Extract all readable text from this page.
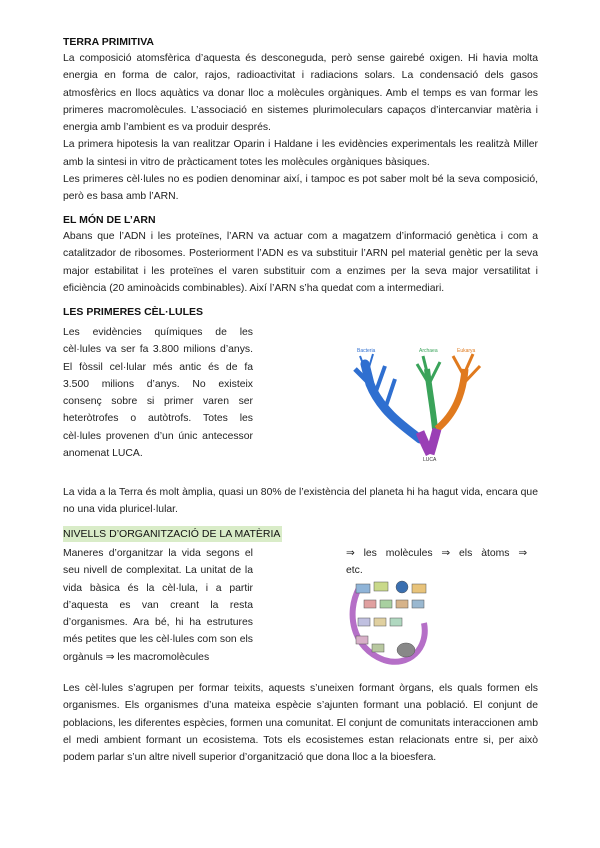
TERRA PRIMITIVA

La composició atomsfèrica d’aquesta és desconeguda, però sense gairebé oxigen. Hi havia molta energia en forma de calor, rajos, radioactivitat i radiacions solars. La condensació dels gasos atmosfèrics en llocs aquàtics va donar lloc a molècules orgàniques. Amb el temps es van formar les primeres macromolècules. L’associació en sistemes plurimoleculars capaços d’intercanviar matèria i energia amb l’ambient es va produir després.

La primera hipotesis la van realitzar Oparin i Haldane i les evidències experimentals les realitzà Miller amb la sintesi in vitro de pràcticament totes les molècules orgàniques bàsiques.

Les primeres cèl·lules no es podien denominar així, i tampoc es pot saber molt bé la seva composició, però es basa amb l’ARN.

EL MÓN DE L’ARN

Abans que l’ADN i les proteïnes, l’ARN va actuar com a magatzem d’informació genètica i com a catalitzador de ribosomes. Posteriorment l’ADN es va substituir l’ARN pel material genètic per la seva major estabilitat i les proteïnes el varen substituir com a enzimes per la seva major versatilitat i eficiència (20 aminoàcids combinables). Així l’ARN s’ha quedat com a intermediari.

LES PRIMERES CÈL·LULES

Les evidències químiques de les cèl·lules va ser fa 3.800 milions d’anys. El fòssil cel·lular més antic és de fa 3.500 milions d’anys. No existeix consenç sobre si primer varen ser heteròtrofes o autòtrofs. Totes les cèl·lules provenen d’un únic antecessor anomenat LUCA.

Bacteria	Archaea	Eukarya
LUCA

La vida a la Terra és molt àmplia, quasi un 80% de l’existència del planeta hi ha hagut vida, encara que no una vida pluricel·lular.

NIVELLS D’ORGANITZACIÓ DE LA MATÈRIA

Maneres d’organitzar la vida segons el seu nivell de complexitat. La unitat de la vida bàsica és la cèl·lula, i a partir d’aquesta es van creant la resta d’organismes. Ara bé, hi ha estrutures més petites que les cèl·lules com son els orgànuls ⇒ les macromolècules

⇒ les molècules ⇒ els àtoms ⇒ etc.

Les cèl·lules s’agrupen per formar teixits, aquests s’uneixen formant òrgans, els quals formen els organismes. Els organismes d’una mateixa espècie s’ajunten formant una població. El conjunt de poblacions, les diferentes espècies, formen una comunitat. El conjunt de comunitats interaccionen amb el medi ambient formant un ecosistema. Tots els ecosistemes estan relacionats entre si, per això podem parlar s’un altre nivell superior d’organització que dona lloc a la bioesfera.
